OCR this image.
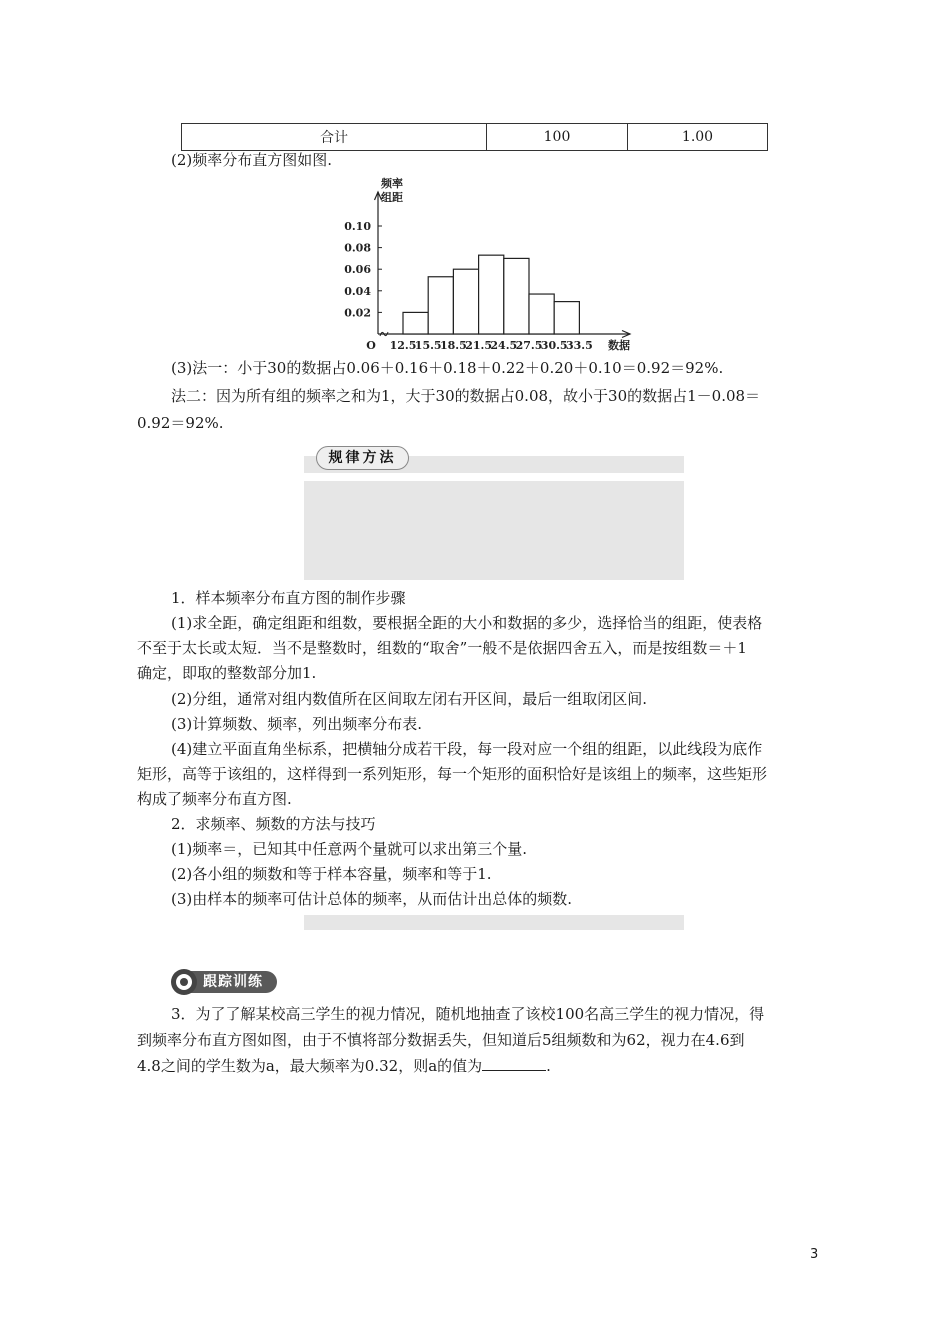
合计	100	1.00
(2)频率分布直方图如图.
频率
组距
O	数据
0.02
0.04
0.06
0.08
0.10
12.5
15.5
18.5
21.5
24.5
27.5
30.5
33.5
(3)法一：小于30的数据占0.06＋0.16＋0.18＋0.22＋0.20＋0.10＝0.92＝92%.
法二：因为所有组的频率之和为1，大于30的数据占0.08，故小于30的数据占1－0.08＝
0.92＝92%.
规律方法
1．样本频率分布直方图的制作步骤
(1)求全距，确定组距和组数，要根据全距的大小和数据的多少，选择恰当的组距，使表格
不至于太长或太短．当不是整数时，组数的“取舍”一般不是依据四舍五入，而是按组数＝＋1
确定，即取的整数部分加1.
(2)分组，通常对组内数值所在区间取左闭右开区间，最后一组取闭区间.
(3)计算频数、频率，列出频率分布表.
(4)建立平面直角坐标系，把横轴分成若干段，每一段对应一个组的组距，以此线段为底作
矩形，高等于该组的，这样得到一系列矩形，每一个矩形的面积恰好是该组上的频率，这些矩形
构成了频率分布直方图.
2．求频率、频数的方法与技巧
(1)频率＝，已知其中任意两个量就可以求出第三个量.
(2)各小组的频数和等于样本容量，频率和等于1.
(3)由样本的频率可估计总体的频率，从而估计出总体的频数.
跟踪训练
3．为了了解某校高三学生的视力情况，随机地抽查了该校100名高三学生的视力情况，得
到频率分布直方图如图，由于不慎将部分数据丢失，但知道后5组频数和为62，视力在4.6到
4.8之间的学生数为a，最大频率为0.32，则a的值为	.
3
